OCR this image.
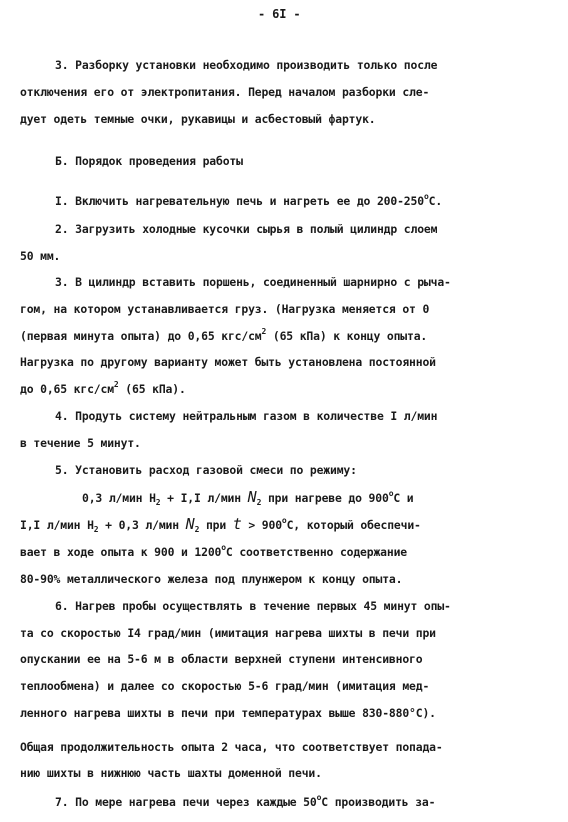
- 6I -
3. Разборку установки необходимо производить только после
отключения его от электропитания. Перед началом разборки сле-
дует одеть темные очки, рукавицы и асбестовый фартук.
Б. Порядок проведения работы
I. Включить нагревательную печь и нагреть ее до 200-250$^o$С.
2. Загрузить холодные кусочки сырья в полый цилиндр слоем
50 мм.
3. В цилиндр вставить поршень, соединенный шарнирно с рыча-
гом, на котором устанавливается груз. (Нагрузка меняется от 0
(первая минута опыта) до 0,65 кгс/$см^2$ (65 кПа) к концу опыта.
Нагрузка по другому варианту может быть установлена постоянной
до 0,65 кгс/$см^2$ (65 кПа).
4. Продуть систему нейтральным газом в количестве I л/мин
в течение 5 минут.
5. Установить расход газовой смеси по режиму:
0,3 л/мин $H_2 + I,I$ л/мин $N_2$ при нагреве до 900$^o$С и
I,I л/мин $H_2 + 0,3$ л/мин $N_2$ при $t > 900^oС$, который обеспечи-
вает в ходе опыта к 900 и 1200$^o$С соответственно содержание
80-90% металлического железа под плунжером к концу опыта.
6. Нагрев пробы осуществлять в течение первых 45 минут опы-
та со скоростью I4 град/мин (имитация нагрева шихты в печи при
опускании ее на 5-6 м в области верхней ступени интенсивного
теплообмена) и далее со скоростью 5-6 град/мин (имитация мед-
ленного нагрева шихты в печи при температурах выше 830-880°С).
Общая продолжительность опыта 2 часа, что соответствует попада-
нию шихты в нижнюю часть шахты доменной печи.
7. По мере нагрева печи через каждые 50$^o$С производить за-
